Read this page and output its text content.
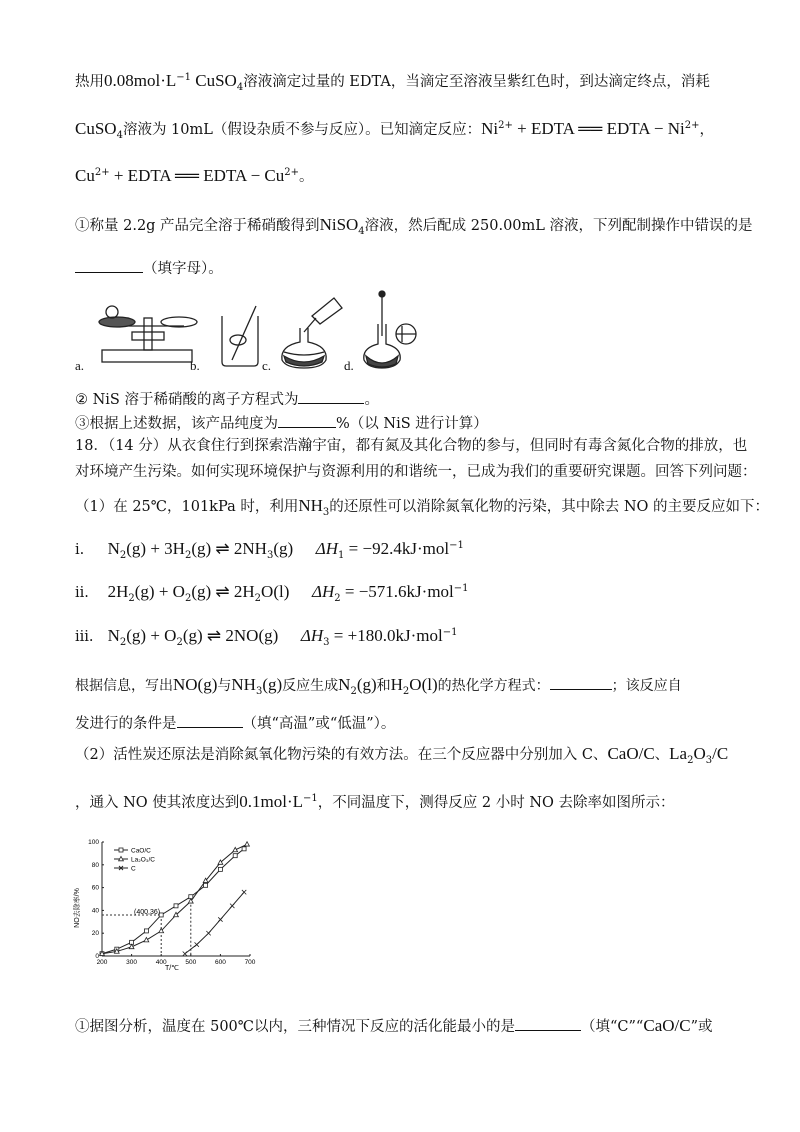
热用$0.08mol\cdot L^{-1}$ CuSO$_4$溶液滴定过量的 EDTA，当滴定至溶液呈紫红色时，到达滴定终点，消耗
CuSO$_4$溶液为 10mL（假设杂质不参与反应）。已知滴定反应：$Ni^{2+}$ + EDTA ══ EDTA − $Ni^{2+}$，
$Cu^{2+}$ + EDTA ══ EDTA − $Cu^{2+}$。
①称量 2.2g 产品完全溶于稀硝酸得到NiSO$_4$溶液，然后配成 250.00mL 溶液，下列配制操作中错误的是
（填字母）。
a.	b.	c.	d.
② NiS 溶于稀硝酸的离子方程式为	。
③根据上述数据，该产品纯度为	%（以 NiS 进行计算）
18．（14 分）从衣食住行到探索浩瀚宇宙，都有氮及其化合物的参与，但同时有毒含氮化合物的排放，也
对环境产生污染。如何实现环境保护与资源利用的和谐统一，已成为我们的重要研究课题。回答下列问题：
（1）在 25℃，101kPa 时，利用$NH_3$的还原性可以消除氮氧化物的污染，其中除去 NO 的主要反应如下：
ⅰ. $N_2(g) + 3H_2(g)$ ⇌ $2NH_3(g) \Delta H_1 = -92.4kJ\cdot mol^{-1}$
ⅱ. $2H_2(g) + O_2(g)$ ⇌ $2H_2O(l) \Delta H_2 = -571.6kJ\cdot mol^{-1}$
ⅲ. $N_2(g) + O_2(g)$ ⇌ 2NO(g) $\Delta H_3 = +180.0kJ\cdot mol^{-1}$
根据信息，写出NO(g)与$NH_3(g)$反应生成$N_2(g)$和$H_2O(l)$的热化学方程式：	；该反应自
发进行的条件是	（填“高温”或“低温”）。
（2）活性炭还原法是消除氮氧化物污染的有效方法。在三个反应器中分别加入 C、CaO/C、$La_2O_3/C$
，通入 NO 使其浓度达到$0.1mol\cdot L^{-1}$，不同温度下，测得反应 2 小时 NO 去除率如图所示：
200	300	400	500	600	700
0
20
40
60
80
100
CaO/C
La₂O₃/C
C
T/℃
NO去除率/%	(400,36)
①据图分析，温度在 500℃以内，三种情况下反应的活化能最小的是	（填“C”“CaO/C”或
